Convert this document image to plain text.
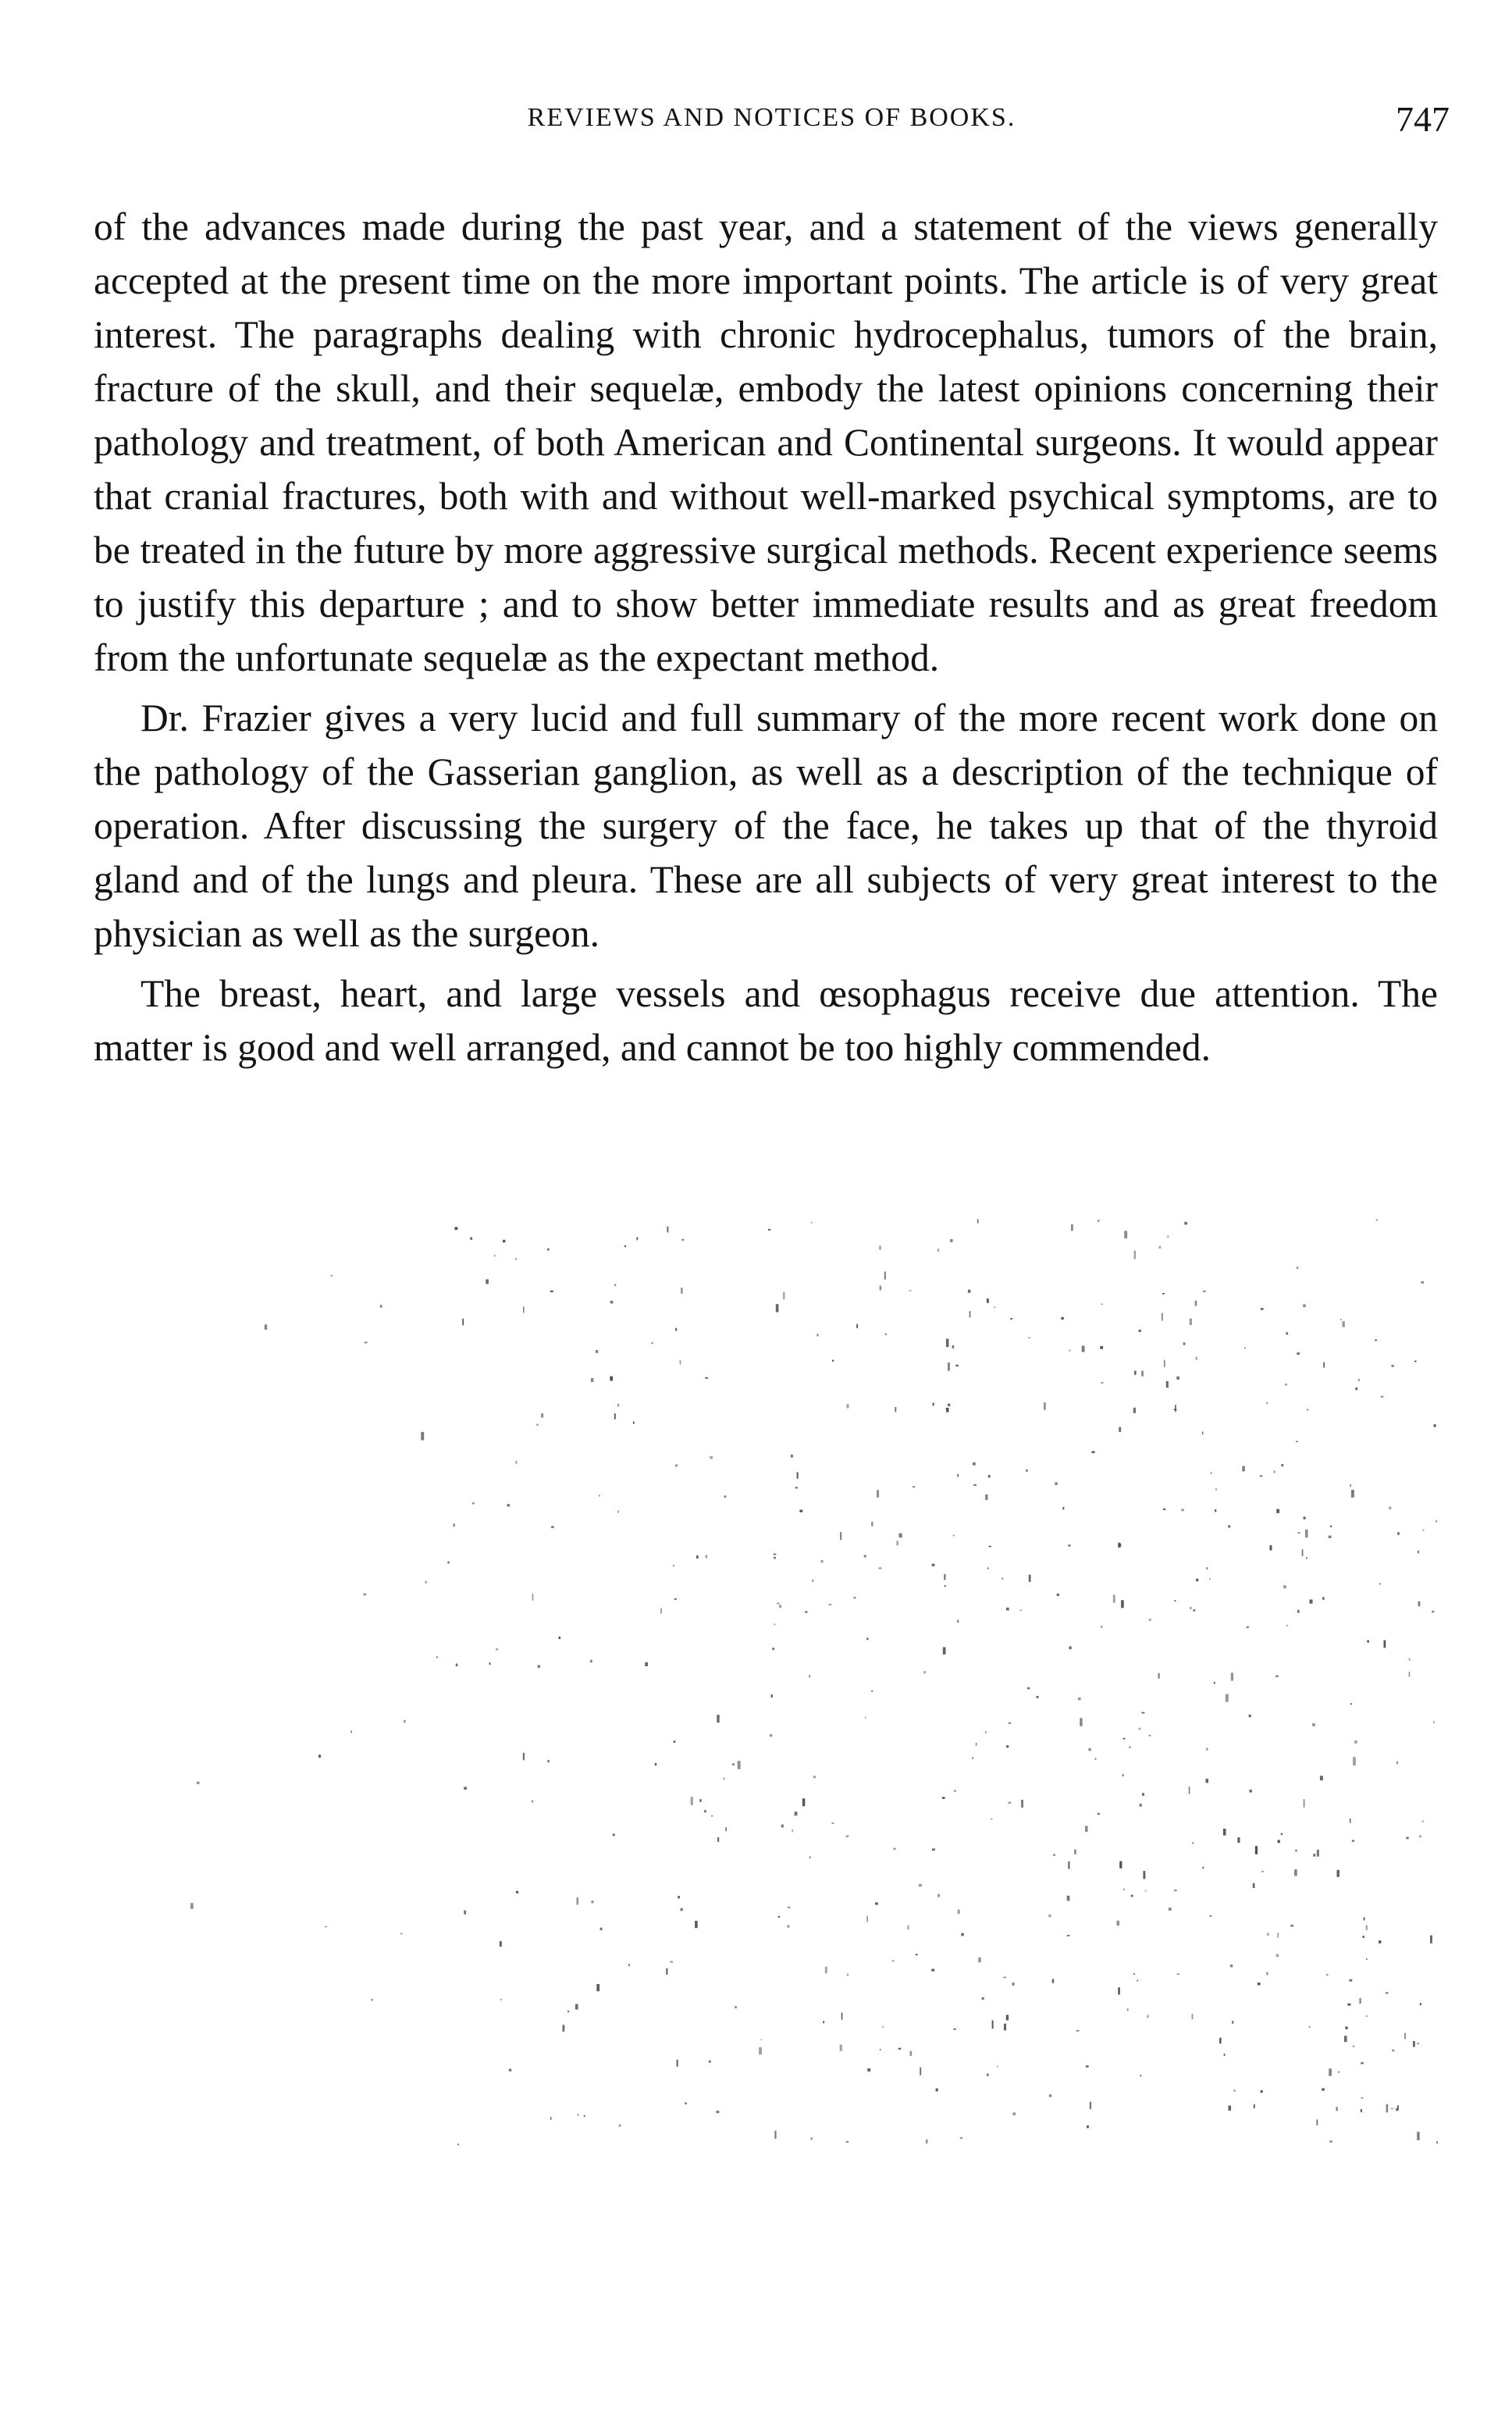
REVIEWS AND NOTICES OF BOOKS.	747

of the advances made during the past year, and a statement of the views generally accepted at the present time on the more important points. The article is of very great interest. The paragraphs dealing with chronic hydrocephalus, tumors of the brain, fracture of the skull, and their sequelæ, embody the latest opinions concerning their pathology and treatment, of both American and Continental surgeons. It would appear that cranial fractures, both with and without well-marked psychical symptoms, are to be treated in the future by more aggressive surgical methods. Recent experience seems to justify this departure ; and to show better immediate results and as great freedom from the unfortunate sequelæ as the expectant method.

Dr. Frazier gives a very lucid and full summary of the more recent work done on the pathology of the Gasserian ganglion, as well as a description of the technique of operation. After discussing the surgery of the face, he takes up that of the thyroid gland and of the lungs and pleura. These are all subjects of very great interest to the physician as well as the surgeon.

The breast, heart, and large vessels and œsophagus receive due attention. The matter is good and well arranged, and cannot be too highly commended.
